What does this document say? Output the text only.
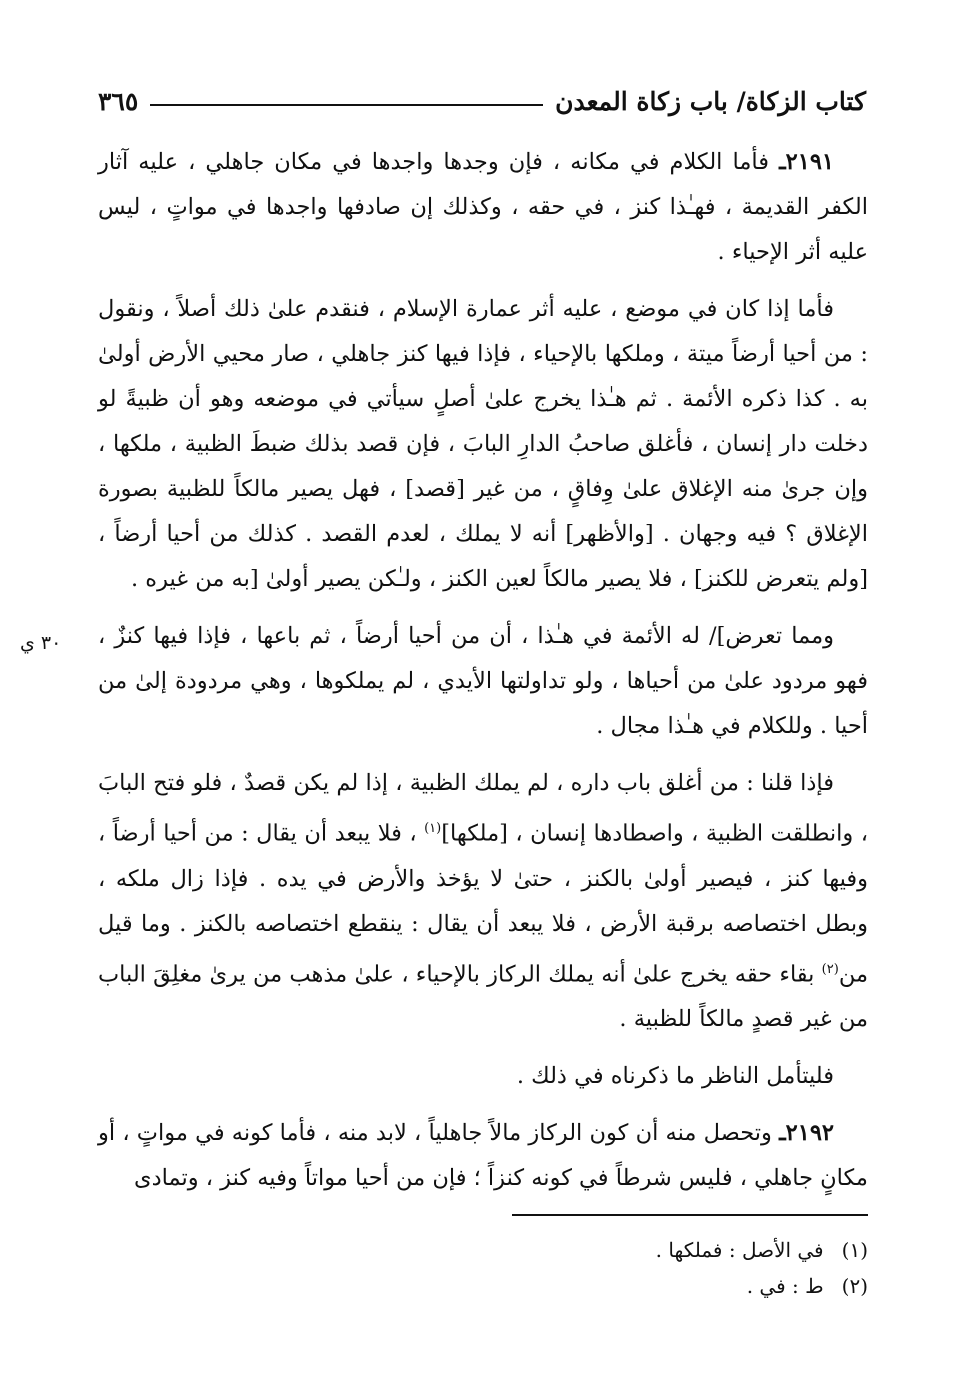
كتاب الزكاة/ باب زكاة المعدن
٣٦٥
٣٠ ي

٢١٩١ـ فأما الكلام في مكانه ، فإن وجدها واجدها في مكان جاهلي ، عليه آثار الكفر القديمة ، فهـٰذا كنز ، في حقه ، وكذلك إن صادفها واجدها في مواتٍ ، ليس عليه أثر الإحياء .

فأما إذا كان في موضع ، عليه أثر عمارة الإسلام ، فنقدم علىٰ ذلك أصلاً ، ونقول : من أحيا أرضاً ميتة ، وملكها بالإحياء ، فإذا فيها كنز جاهلي ، صار محيي الأرض أولىٰ به . كذا ذكره الأئمة . ثم هـٰذا يخرج علىٰ أصلٍ سيأتي في موضعه وهو أن ظبيةً لو دخلت دار إنسان ، فأغلق صاحبُ الدارِ البابَ ، فإن قصد بذلك ضبطَ الظبية ، ملكها ، وإن جرىٰ منه الإغلاق علىٰ وِفاقٍ ، من غير [قصد] ، فهل يصير مالكاً للظبية بصورة الإغلاق ؟ فيه وجهان . [والأظهر] أنه لا يملك ، لعدم القصد . كذلك من أحيا أرضاً ، [ولم يتعرض للكنز] ، فلا يصير مالكاً لعين الكنز ، ولـٰكن يصير أولىٰ [به من غيره .

ومما تعرض]/ له الأئمة في هـٰذا ، أن من أحيا أرضاً ، ثم باعها ، فإذا فيها كنزٌ ، فهو مردود علىٰ من أحياها ، ولو تداولتها الأيدي ، لم يملكوها ، وهي مردودة إلىٰ من أحيا . وللكلام في هـٰذا مجال .

فإذا قلنا : من أغلق باب داره ، لم يملك الظبية ، إذا لم يكن قصدٌ ، فلو فتح البابَ ، وانطلقت الظبية ، واصطادها إنسان ، [ملكها]$^{(١)}$ ، فلا يبعد أن يقال : من أحيا أرضاً ، وفيها كنز ، فيصير أولىٰ بالكنز ، حتىٰ لا يؤخذ والأرض في يده . فإذا زال ملكه ، وبطل اختصاصه برقبة الأرض ، فلا يبعد أن يقال : ينقطع اختصاصه بالكنز . وما قيل من$^{(٢)}$ بقاء حقه يخرج علىٰ أنه يملك الركاز بالإحياء ، علىٰ مذهب من يرىٰ مغلِقَ الباب من غير قصدٍ مالكاً للظبية .

فليتأمل الناظر ما ذكرناه في ذلك .

٢١٩٢ـ وتحصل منه أن كون الركاز مالاً جاهلياً ، لابد منه ، فأما كونه في مواتٍ ، أو مكانٍ جاهلي ، فليس شرطاً في كونه كنزاً ؛ فإن من أحيا مواتاً وفيه كنز ، وتمادى

(١)
في الأصل : فملكها .
(٢)
ط : في .
